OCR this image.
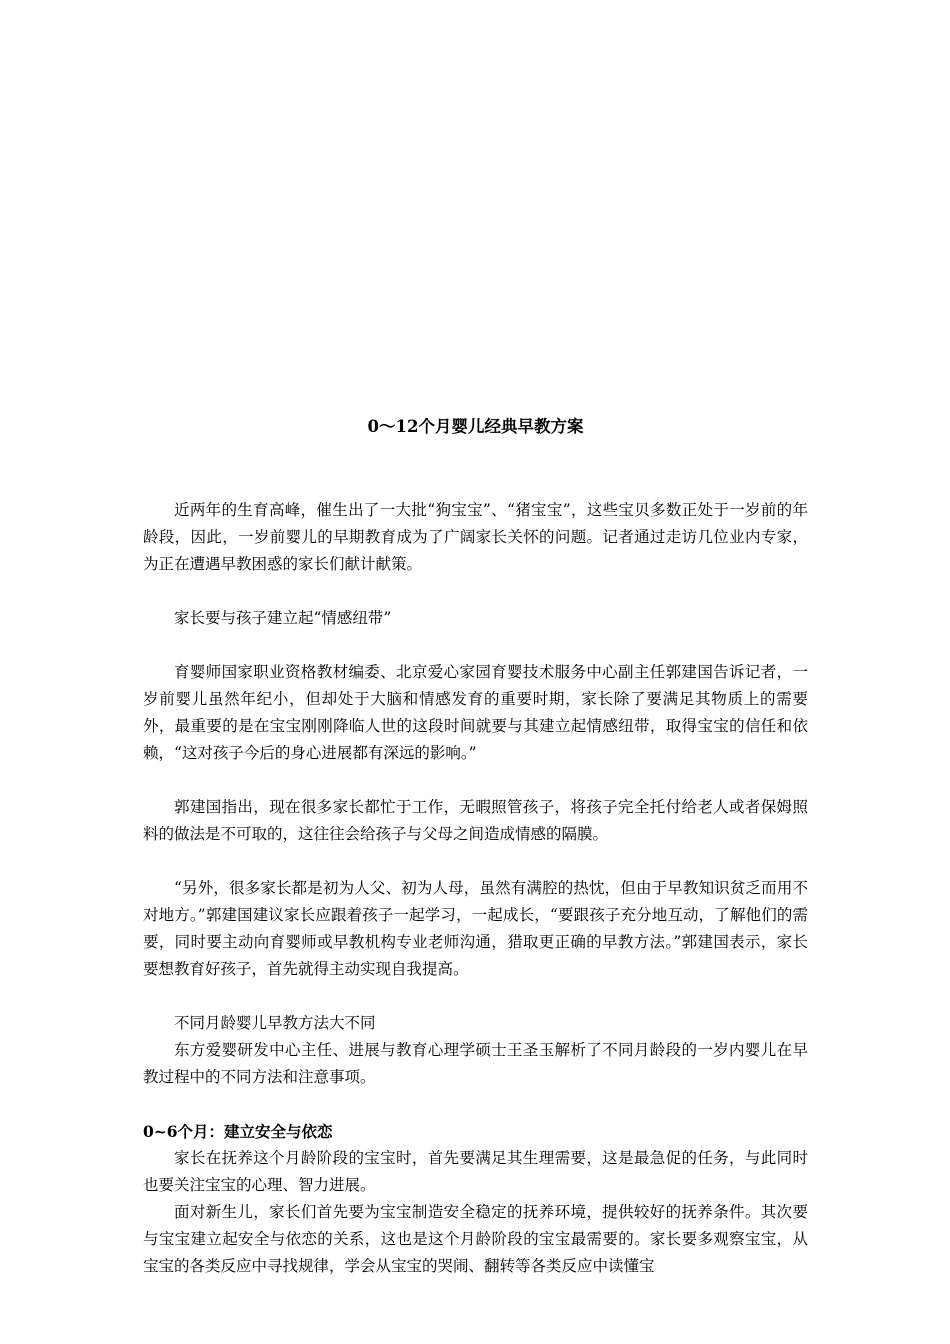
0～12个月婴儿经典早教方案

近两年的生育高峰，催生出了一大批“狗宝宝”、“猪宝宝”，这些宝贝多数正处于一岁前的年龄段，因此，一岁前婴儿的早期教育成为了广阔家长关怀的问题。记者通过走访几位业内专家，为正在遭遇早教困惑的家长们献计献策。

家长要与孩子建立起“情感纽带”

育婴师国家职业资格教材编委、北京爱心家园育婴技术服务中心副主任郭建国告诉记者，一岁前婴儿虽然年纪小，但却处于大脑和情感发育的重要时期，家长除了要满足其物质上的需要外，最重要的是在宝宝刚刚降临人世的这段时间就要与其建立起情感纽带，取得宝宝的信任和依赖，“这对孩子今后的身心进展都有深远的影响。”

郭建国指出，现在很多家长都忙于工作，无暇照管孩子，将孩子完全托付给老人或者保姆照料的做法是不可取的，这往往会给孩子与父母之间造成情感的隔膜。

“另外，很多家长都是初为人父、初为人母，虽然有满腔的热忱，但由于早教知识贫乏而用不对地方。”郭建国建议家长应跟着孩子一起学习，一起成长，“要跟孩子充分地互动，了解他们的需要，同时要主动向育婴师或早教机构专业老师沟通，猎取更正确的早教方法。”郭建国表示，家长要想教育好孩子，首先就得主动实现自我提高。

不同月龄婴儿早教方法大不同

东方爱婴研发中心主任、进展与教育心理学硕士王圣玉解析了不同月龄段的一岁内婴儿在早教过程中的不同方法和注意事项。

0~6个月：建立安全与依恋

家长在抚养这个月龄阶段的宝宝时，首先要满足其生理需要，这是最急促的任务，与此同时也要关注宝宝的心理、智力进展。

面对新生儿，家长们首先要为宝宝制造安全稳定的抚养环境，提供较好的抚养条件。其次要与宝宝建立起安全与依恋的关系，这也是这个月龄阶段的宝宝最需要的。家长要多观察宝宝，从宝宝的各类反应中寻找规律，学会从宝宝的哭闹、翻转等各类反应中读懂宝
